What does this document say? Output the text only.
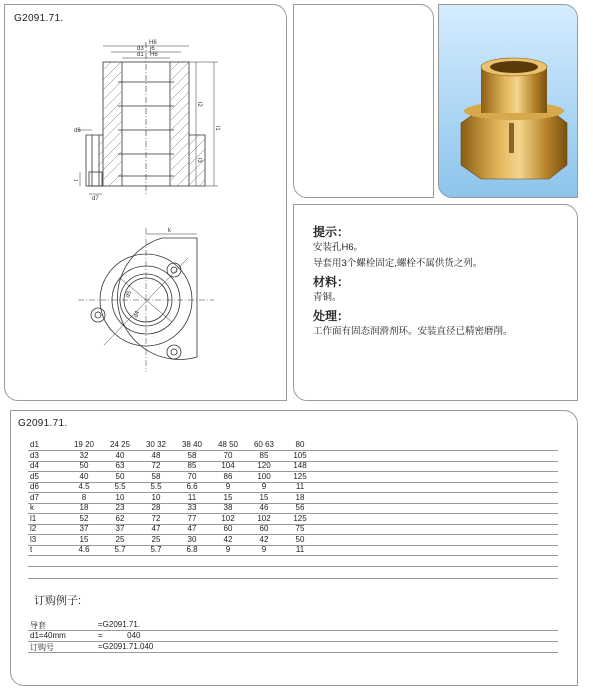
G2091.71.
H6
d3 j6
d1 H6
l2
l1
l3
d6
d7
t
k
d5
d4
提示：
安装孔H6。
导套用3个螺栓固定,螺栓不属供货之列。
材料：
青铜。
处理：
工作面有固态润滑剂环。安装直径已精密磨削。
G2091.71.
d1	19 20	24 25	30 32	38 40	48 50	60 63	80
d3	32	40	48	58	70	85	105
d4	50	63	72	85	104	120	148
d5	40	50	58	70	86	100	125
d6	4.5	5.5	5.5	6.6	9	9	11
d7	8	10	10	11	15	15	18
k	18	23	28	33	38	46	56
l1	52	62	72	77	102	102	125
l2	37	37	47	47	60	60	75
l3	15	25	25	30	42	42	50
t	4.6	5.7	5.7	6.8	9	9	11
订购例子:
导套	=G2091.71.
d1=40mm	=           040
订购号	=G2091.71.040
